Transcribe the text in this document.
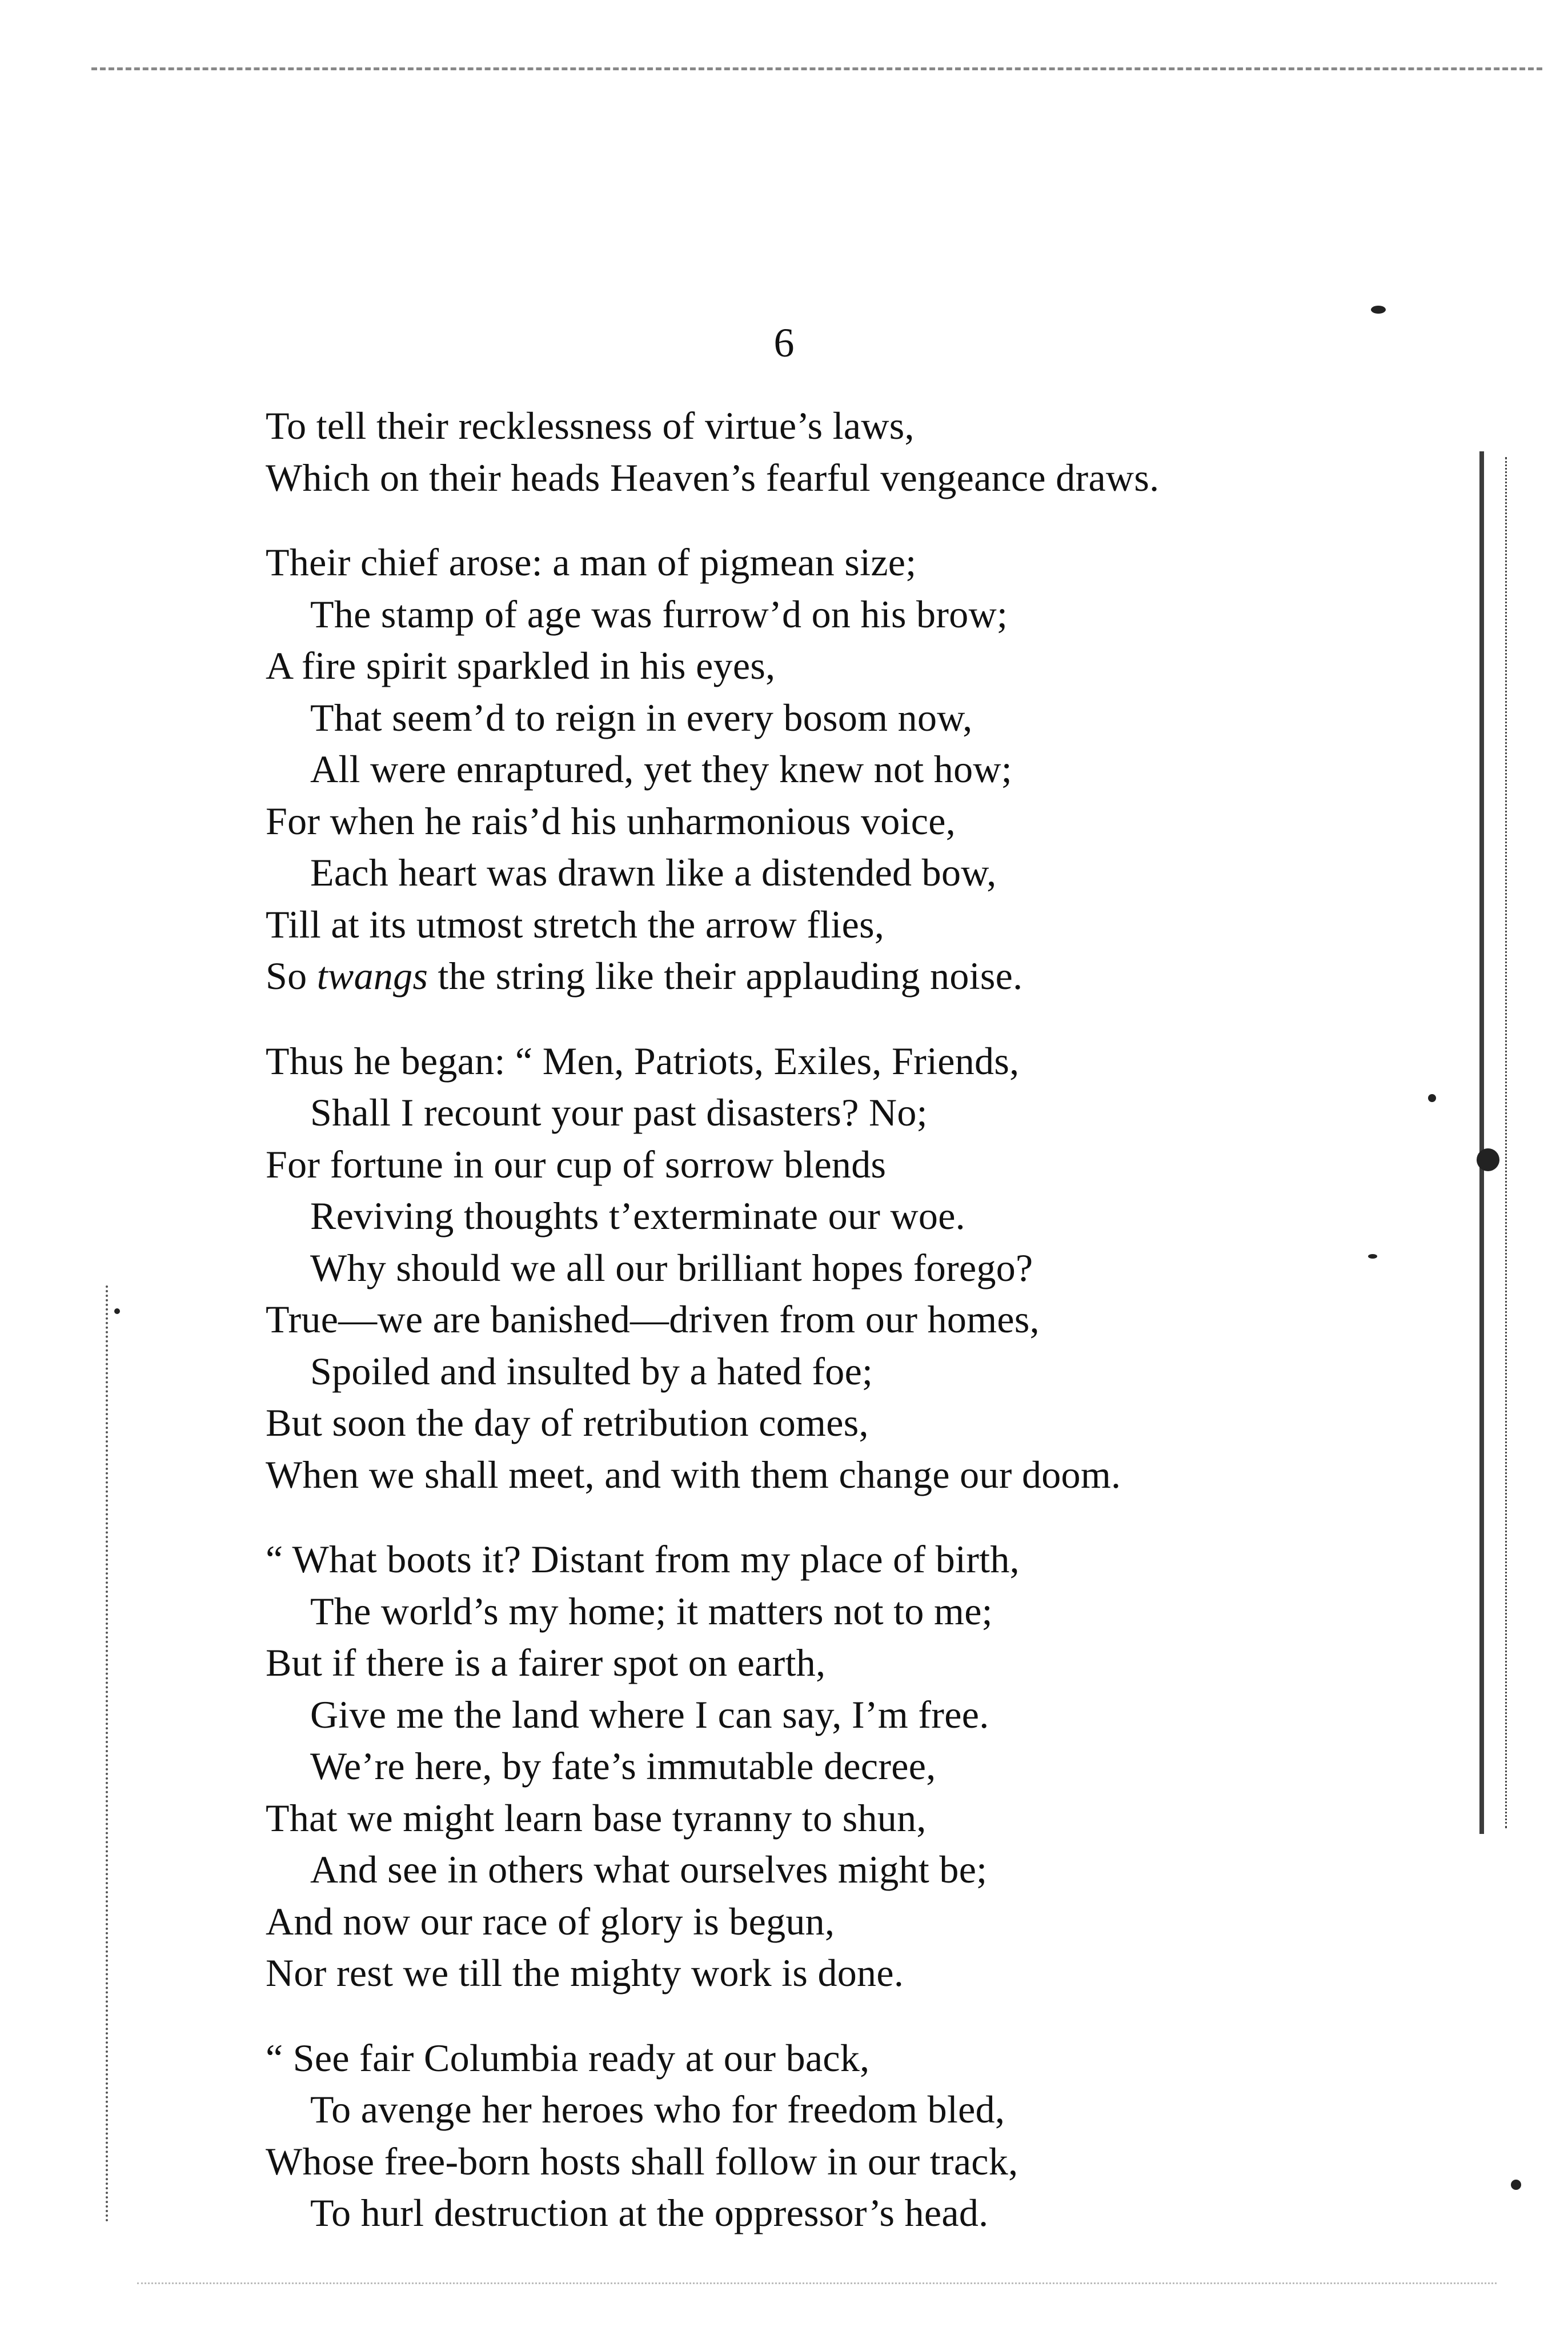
6
To tell their recklessness of virtue’s laws,
Which on their heads Heaven’s fearful vengeance draws.
Their chief arose: a man of pigmean size;
The stamp of age was furrow’d on his brow;
A fire spirit sparkled in his eyes,
That seem’d to reign in every bosom now,
All were enraptured, yet they knew not how;
For when he rais’d his unharmonious voice,
Each heart was drawn like a distended bow,
Till at its utmost stretch the arrow flies,
So twangs the string like their applauding noise.
Thus he began: “ Men, Patriots, Exiles, Friends,
Shall I recount your past disasters? No;
For fortune in our cup of sorrow blends
Reviving thoughts t’exterminate our woe.
Why should we all our brilliant hopes forego?
True—we are banished—driven from our homes,
Spoiled and insulted by a hated foe;
But soon the day of retribution comes,
When we shall meet, and with them change our doom.
“ What boots it? Distant from my place of birth,
The world’s my home; it matters not to me;
But if there is a fairer spot on earth,
Give me the land where I can say, I’m free.
We’re here, by fate’s immutable decree,
That we might learn base tyranny to shun,
And see in others what ourselves might be;
And now our race of glory is begun,
Nor rest we till the mighty work is done.
“ See fair Columbia ready at our back,
To avenge her heroes who for freedom bled,
Whose free-born hosts shall follow in our track,
To hurl destruction at the oppressor’s head.
